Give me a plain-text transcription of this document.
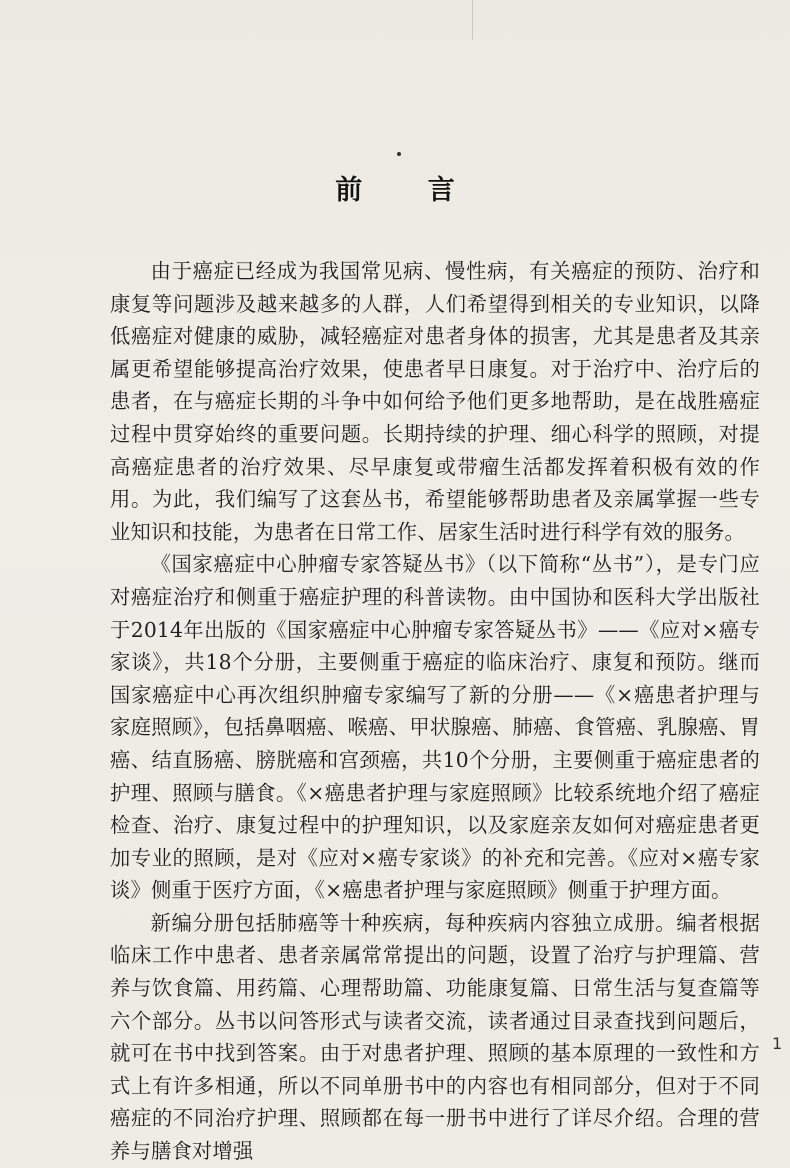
前 言

由于癌症已经成为我国常见病、慢性病，有关癌症的预防、治疗和康复等问题涉及越来越多的人群，人们希望得到相关的专业知识，以降低癌症对健康的威胁，减轻癌症对患者身体的损害，尤其是患者及其亲属更希望能够提高治疗效果，使患者早日康复。对于治疗中、治疗后的患者，在与癌症长期的斗争中如何给予他们更多地帮助，是在战胜癌症过程中贯穿始终的重要问题。长期持续的护理、细心科学的照顾，对提高癌症患者的治疗效果、尽早康复或带瘤生活都发挥着积极有效的作用。为此，我们编写了这套丛书，希望能够帮助患者及亲属掌握一些专业知识和技能，为患者在日常工作、居家生活时进行科学有效的服务。

《国家癌症中心肿瘤专家答疑丛书》（以下简称“丛书”），是专门应对癌症治疗和侧重于癌症护理的科普读物。由中国协和医科大学出版社于2014年出版的《国家癌症中心肿瘤专家答疑丛书》——《应对×癌专家谈》，共18个分册，主要侧重于癌症的临床治疗、康复和预防。继而国家癌症中心再次组织肿瘤专家编写了新的分册——《×癌患者护理与家庭照顾》，包括鼻咽癌、喉癌、甲状腺癌、肺癌、食管癌、乳腺癌、胃癌、结直肠癌、膀胱癌和宫颈癌，共10个分册，主要侧重于癌症患者的护理、照顾与膳食。《×癌患者护理与家庭照顾》比较系统地介绍了癌症检查、治疗、康复过程中的护理知识，以及家庭亲友如何对癌症患者更加专业的照顾，是对《应对×癌专家谈》的补充和完善。《应对×癌专家谈》侧重于医疗方面，《×癌患者护理与家庭照顾》侧重于护理方面。

新编分册包括肺癌等十种疾病，每种疾病内容独立成册。编者根据临床工作中患者、患者亲属常常提出的问题，设置了治疗与护理篇、营养与饮食篇、用药篇、心理帮助篇、功能康复篇、日常生活与复查篇等六个部分。丛书以问答形式与读者交流，读者通过目录查找到问题后，就可在书中找到答案。由于对患者护理、照顾的基本原理的一致性和方式上有许多相通，所以不同单册书中的内容也有相同部分，但对于不同癌症的不同治疗护理、照顾都在每一册书中进行了详尽介绍。合理的营养与膳食对增强

1
